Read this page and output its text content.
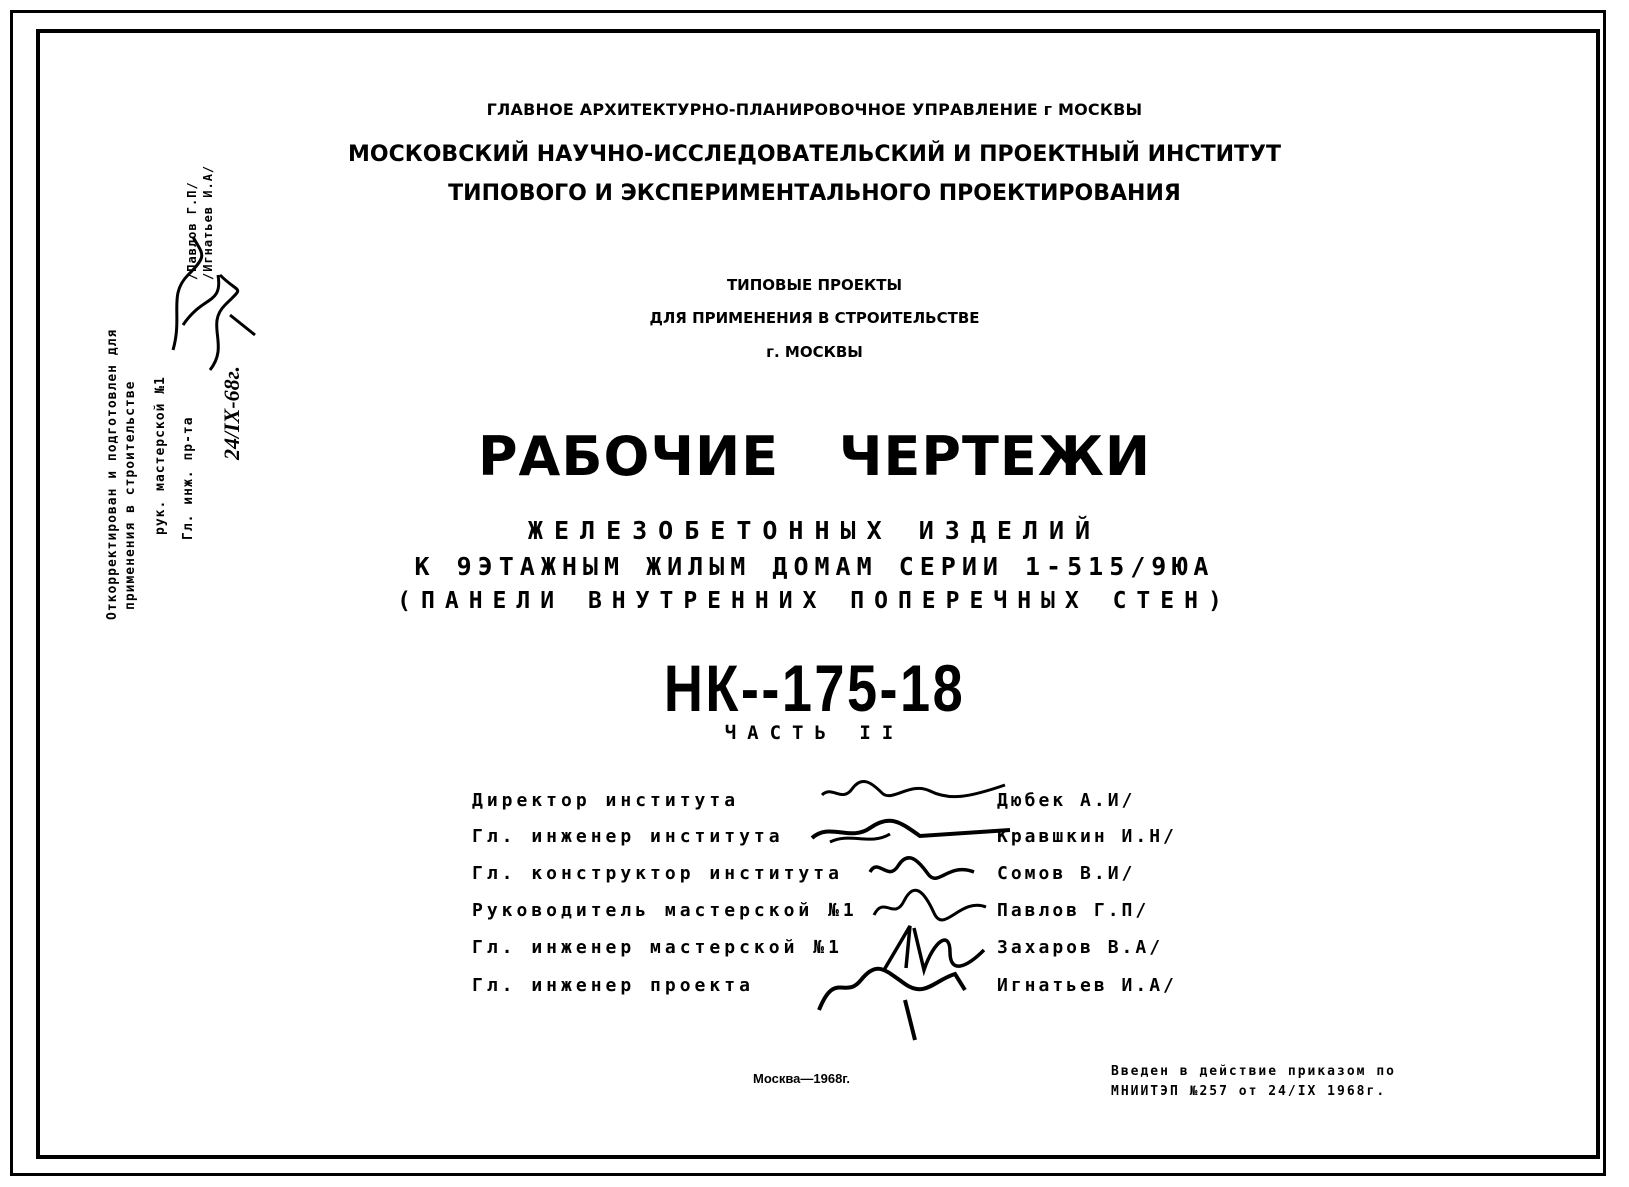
ГЛАВНОЕ АРХИТЕКТУРНО-ПЛАНИРОВОЧНОЕ УПРАВЛЕНИЕ г МОСКВЫ
МОСКОВСКИЙ НАУЧНО-ИССЛЕДОВАТЕЛЬСКИЙ И ПРОЕКТНЫЙ ИНСТИТУТ
ТИПОВОГО И ЭКСПЕРИМЕНТАЛЬНОГО ПРОЕКТИРОВАНИЯ
ТИПОВЫЕ ПРОЕКТЫ
ДЛЯ ПРИМЕНЕНИЯ В СТРОИТЕЛЬСТВЕ
г. МОСКВЫ
РАБОЧИЕ ЧЕРТЕЖИ
ЖЕЛЕЗОБЕТОННЫХ ИЗДЕЛИЙ
К 9ЭТАЖНЫМ ЖИЛЫМ ДОМАМ СЕРИИ 1-515/9ЮА
(ПАНЕЛИ ВНУТРЕННИХ ПОПЕРЕЧНЫХ СТЕН)
НК--175-18
ЧАСТЬ II
Директор института	Дюбек А.И/
Гл. инженер института	Кравшкин И.Н/
Гл. конструктор института	Сомов В.И/
Руководитель мастерской №1	Павлов Г.П/
Гл. инженер мастерской №1	Захаров В.А/
Гл. инженер проекта	Игнатьев И.А/
Москва—1968г.	Введен в действие приказом по
МНИИТЭП №257 от 24/IX 1968г.
Откорректирован и подготовлен для применения в строительстве рук. мастерской №1 Гл. инж. пр-та
/Павлов Г.П/ /Игнатьев И.А/
24/IX-68г.
